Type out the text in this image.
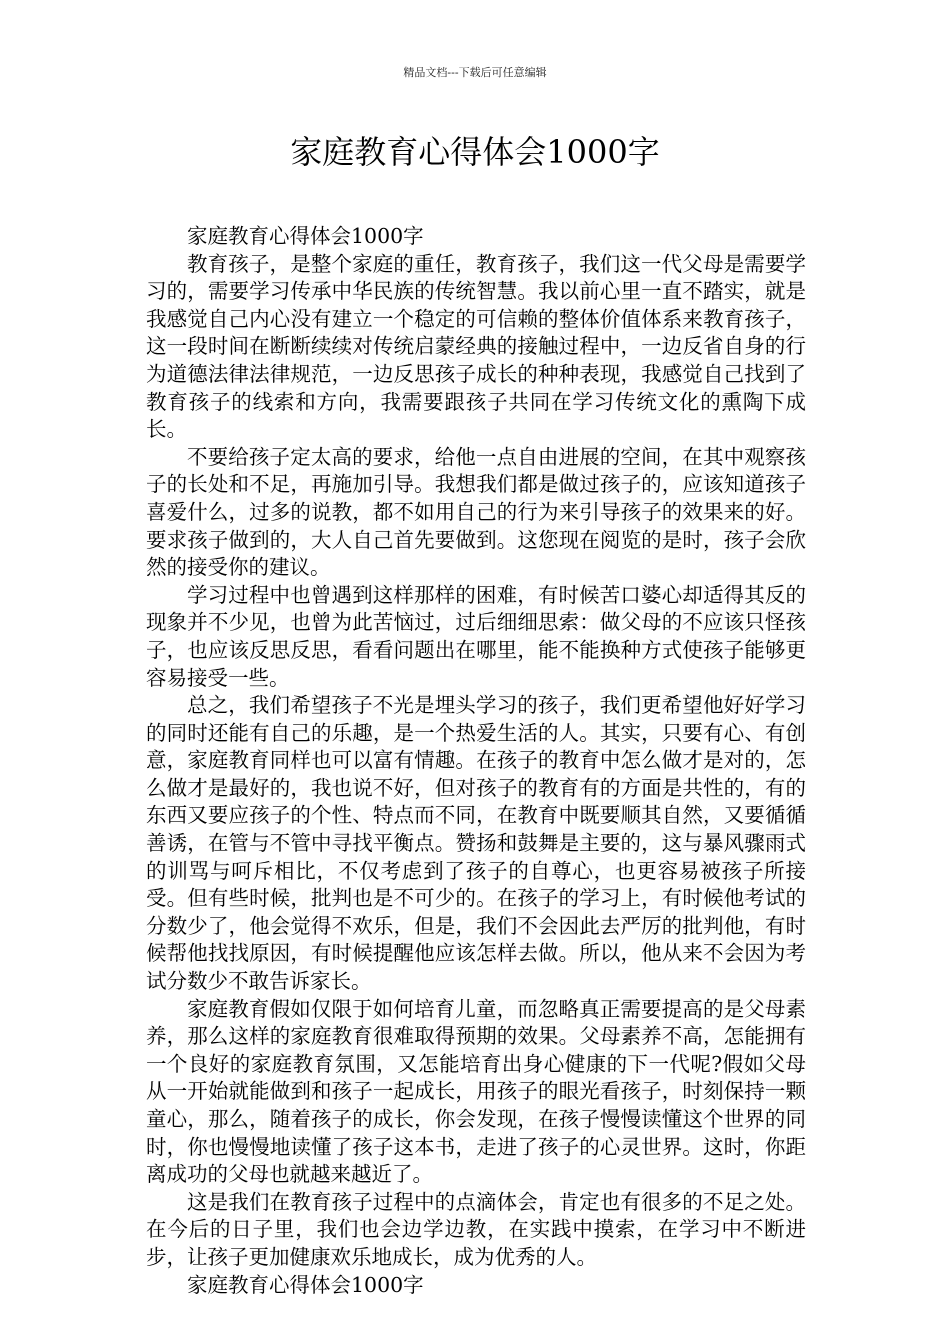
精品文档---下载后可任意编辑
家庭教育心得体会1000字

家庭教育心得体会1000字

教育孩子，是整个家庭的重任，教育孩子，我们这一代父母是需要学习的，需要学习传承中华民族的传统智慧。我以前心里一直不踏实，就是我感觉自己内心没有建立一个稳定的可信赖的整体价值体系来教育孩子，这一段时间在断断续续对传统启蒙经典的接触过程中，一边反省自身的行为道德法律法律规范，一边反思孩子成长的种种表现，我感觉自己找到了教育孩子的线索和方向，我需要跟孩子共同在学习传统文化的熏陶下成长。

不要给孩子定太高的要求，给他一点自由进展的空间，在其中观察孩子的长处和不足，再施加引导。我想我们都是做过孩子的，应该知道孩子喜爱什么，过多的说教，都不如用自己的行为来引导孩子的效果来的好。要求孩子做到的，大人自己首先要做到。这您现在阅览的是时，孩子会欣然的接受你的建议。

学习过程中也曾遇到这样那样的困难，有时候苦口婆心却适得其反的现象并不少见，也曾为此苦恼过，过后细细思索：做父母的不应该只怪孩子，也应该反思反思，看看问题出在哪里，能不能换种方式使孩子能够更容易接受一些。

总之，我们希望孩子不光是埋头学习的孩子，我们更希望他好好学习的同时还能有自己的乐趣，是一个热爱生活的人。其实，只要有心、有创意，家庭教育同样也可以富有情趣。在孩子的教育中怎么做才是对的，怎么做才是最好的，我也说不好，但对孩子的教育有的方面是共性的，有的东西又要应孩子的个性、特点而不同，在教育中既要顺其自然，又要循循善诱，在管与不管中寻找平衡点。赞扬和鼓舞是主要的，这与暴风骤雨式的训骂与呵斥相比，不仅考虑到了孩子的自尊心，也更容易被孩子所接受。但有些时候，批判也是不可少的。在孩子的学习上，有时候他考试的分数少了，他会觉得不欢乐，但是，我们不会因此去严厉的批判他，有时候帮他找找原因，有时候提醒他应该怎样去做。所以，他从来不会因为考试分数少不敢告诉家长。

家庭教育假如仅限于如何培育儿童，而忽略真正需要提高的是父母素养，那么这样的家庭教育很难取得预期的效果。父母素养不高，怎能拥有一个良好的家庭教育氛围，又怎能培育出身心健康的下一代呢?假如父母从一开始就能做到和孩子一起成长，用孩子的眼光看孩子，时刻保持一颗童心，那么，随着孩子的成长，你会发现，在孩子慢慢读懂这个世界的同时，你也慢慢地读懂了孩子这本书，走进了孩子的心灵世界。这时，你距离成功的父母也就越来越近了。

这是我们在教育孩子过程中的点滴体会，肯定也有很多的不足之处。在今后的日子里，我们也会边学边教，在实践中摸索，在学习中不断进步，让孩子更加健康欢乐地成长，成为优秀的人。

家庭教育心得体会1000字
